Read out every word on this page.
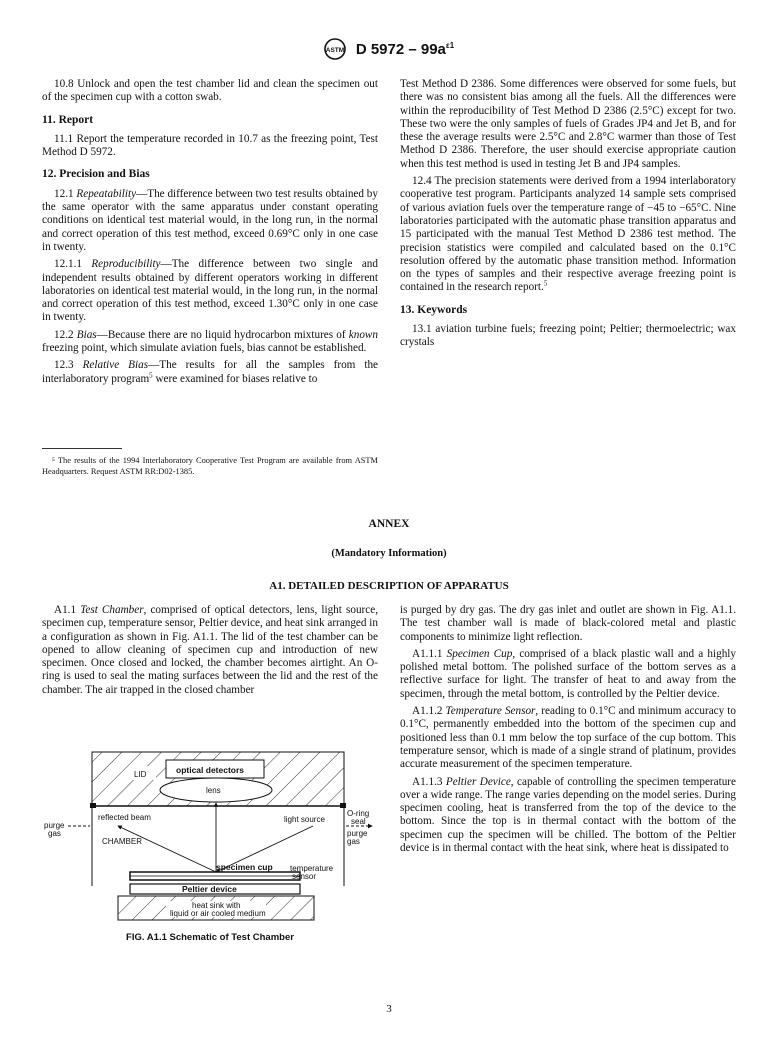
ASTM D $5972 - 99a^{\varepsilon 1}$

10.8 Unlock and open the test chamber lid and clean the specimen out of the specimen cup with a cotton swab.

11. Report

11.1 Report the temperature recorded in 10.7 as the freezing point, Test Method D 5972.

12. Precision and Bias

12.1 Repeatability—The difference between two test results obtained by the same operator with the same apparatus under constant operating conditions on identical test material would, in the long run, in the normal and correct operation of this test method, exceed 0.69°C only in one case in twenty.

12.1.1 Reproducibility—The difference between two single and independent results obtained by different operators working in different laboratories on identical test material would, in the long run, in the normal and correct operation of this test method, exceed 1.30°C only in one case in twenty.

12.2 Bias—Because there are no liquid hydrocarbon mixtures of known freezing point, which simulate aviation fuels, bias cannot be established.

12.3 Relative Bias—The results for all the samples from the interlaboratory program$^5$ were examined for biases relative to

⁵ The results of the 1994 Interlaboratory Cooperative Test Program are available from ASTM Headquarters. Request ASTM RR:D02-1385.

Test Method D 2386. Some differences were observed for some fuels, but there was no consistent bias among all the fuels. All the differences were within the reproducibility of Test Method D 2386 (2.5°C) except for two. These two were the only samples of fuels of Grades JP4 and Jet B, and for these the average results were 2.5°C and 2.8°C warmer than those of Test Method D 2386. Therefore, the user should exercise appropriate caution when this test method is used in testing Jet B and JP4 samples.

12.4 The precision statements were derived from a 1994 interlaboratory cooperative test program. Participants analyzed 14 sample sets comprised of various aviation fuels over the temperature range of −45 to −65°C. Nine laboratories participated with the automatic phase transition apparatus and 15 participated with the manual Test Method D 2386 test method. The precision statistics were compiled and calculated based on the 0.1°C resolution offered by the automatic phase transition method. Information on the types of samples and their respective average freezing point is contained in the research report.$^5$

13. Keywords

13.1 aviation turbine fuels; freezing point; Peltier; thermoelectric; wax crystals

ANNEX
(Mandatory Information)
A1. DETAILED DESCRIPTION OF APPARATUS

A1.1 Test Chamber, comprised of optical detectors, lens, light source, specimen cup, temperature sensor, Peltier device, and heat sink arranged in a configuration as shown in Fig. A1.1. The lid of the test chamber can be opened to allow cleaning of specimen cup and introduction of new specimen. Once closed and locked, the chamber becomes airtight. An O-ring is used to seal the mating surfaces between the lid and the rest of the chamber. The air trapped in the closed chamber

LID	optical detectors
lens
O-ring
seal
purge
gas
reflected beam	light source
purge
gas
CHAMBER
specimen cup temperature
sensor
Peltier device
heat sink with
liquid or air cooled medium
FIG. A1.1 Schematic of Test Chamber

is purged by dry gas. The dry gas inlet and outlet are shown in Fig. A1.1. The test chamber wall is made of black-colored metal and plastic components to minimize light reflection.

A1.1.1 Specimen Cup, comprised of a black plastic wall and a highly polished metal bottom. The polished surface of the bottom serves as a reflective surface for light. The transfer of heat to and away from the specimen, through the metal bottom, is controlled by the Peltier device.

A1.1.2 Temperature Sensor, reading to 0.1°C and minimum accuracy to 0.1°C, permanently embedded into the bottom of the specimen cup and positioned less than 0.1 mm below the top surface of the cup bottom. This temperature sensor, which is made of a single strand of platinum, provides accurate measurement of the specimen temperature.

A1.1.3 Peltier Device, capable of controlling the specimen temperature over a wide range. The range varies depending on the model series. During specimen cooling, heat is transferred from the top of the device to the bottom. Since the top is in thermal contact with the bottom of the specimen cup the specimen will be chilled. The bottom of the Peltier device is in thermal contact with the heat sink, where heat is dissipated to

3
